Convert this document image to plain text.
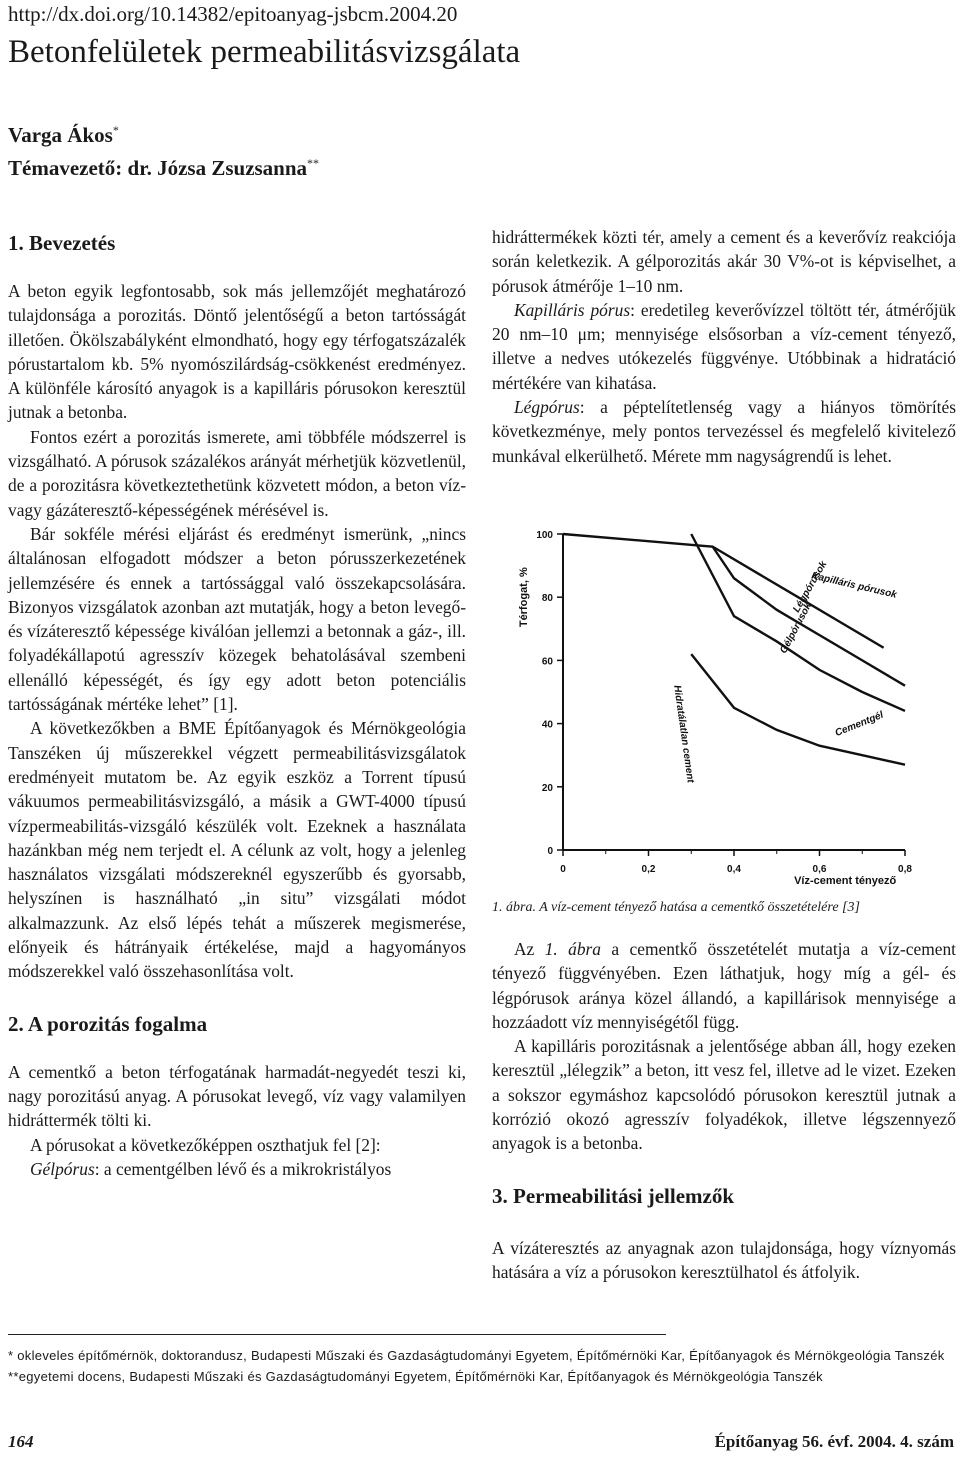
http://dx.doi.org/10.14382/epitoanyag-jsbcm.2004.20
Betonfelületek permeabilitásvizsgálata
Varga Ákos*
Témavezető: dr. Józsa Zsuzsanna**
1. Bevezetés

A beton egyik legfontosabb, sok más jellemzőjét meghatározó tulajdonsága a porozitás. Döntő jelentőségű a beton tartósságát illetően. Ökölszabályként elmondható, hogy egy térfogatszázalék pórustartalom kb. 5% nyomószilárdság-csökkenést eredményez. A különféle károsító anyagok is a kapilláris pórusokon keresztül jutnak a betonba.

Fontos ezért a porozitás ismerete, ami többféle módszerrel is vizsgálható. A pórusok százalékos arányát mérhetjük közvetlenül, de a porozitásra következtethetünk közvetett módon, a beton víz- vagy gázáteresztő-képességének mérésével is.

Bár sokféle mérési eljárást és eredményt ismerünk, „nincs általánosan elfogadott módszer a beton pórusszerkezetének jellemzésére és ennek a tartóssággal való összekapcsolására. Bizonyos vizsgálatok azonban azt mutatják, hogy a beton levegő- és vízáteresztő képessége kiválóan jellemzi a betonnak a gáz-, ill. folyadékállapotú agresszív közegek behatolásával szembeni ellenálló képességét, és így egy adott beton potenciális tartósságának mértéke lehet” [1].

A következőkben a BME Építőanyagok és Mérnökgeológia Tanszéken új műszerekkel végzett permeabilitásvizsgálatok eredményeit mutatom be. Az egyik eszköz a Torrent típusú vákuumos permeabilitásvizsgáló, a másik a GWT-4000 típusú vízpermeabilitás-vizsgáló készülék volt. Ezeknek a használata hazánkban még nem terjedt el. A célunk az volt, hogy a jelenleg használatos vizsgálati módszereknél egyszerűbb és gyorsabb, helyszínen is használható „in situ” vizsgálati módot alkalmazzunk. Az első lépés tehát a műszerek megismerése, előnyeik és hátrányaik értékelése, majd a hagyományos módszerekkel való összehasonlítása volt.

2. A porozitás fogalma

A cementkő a beton térfogatának harmadát-negyedét teszi ki, nagy porozitású anyag. A pórusokat levegő, víz vagy valamilyen hidráttermék tölti ki.

A pórusokat a következőképpen oszthatjuk fel [2]:

Gélpórus: a cementgélben lévő és a mikrokristályos

hidráttermékek közti tér, amely a cement és a keverővíz reakciója során keletkezik. A gélporozitás akár 30 V%-ot is képviselhet, a pórusok átmérője 1–10 nm.

Kapilláris pórus: eredetileg keverővízzel töltött tér, átmérőjük 20 nm–10 μm; mennyisége elsősorban a víz-cement tényező, illetve a nedves utókezelés függvénye. Utóbbinak a hidratáció mértékére van kihatása.

Légpórus: a péptelítetlenség vagy a hiányos tömörítés következménye, mely pontos tervezéssel és megfelelő kivitelező munkával elkerülhető. Mérete mm nagyságrendű is lehet.

0
20
40
60
80
100
0	0,2	0,4	0,6	0,8
Térfogat, %
Víz-cement tényező
Kapilláris pórusok
Légpórusok
Gélpórusok
Cementgél
Hidratálatlan cement
1. ábra. A víz-cement tényező hatása a cementkő összetételére [3]

Az 1. ábra a cementkő összetételét mutatja a víz-cement tényező függvényében. Ezen láthatjuk, hogy míg a gél- és légpórusok aránya közel állandó, a kapillárisok mennyisége a hozzáadott víz mennyiségétől függ.

A kapilláris porozitásnak a jelentősége abban áll, hogy ezeken keresztül „lélegzik” a beton, itt vesz fel, illetve ad le vizet. Ezeken a sokszor egymáshoz kapcsolódó pórusokon keresztül jutnak a korrózió okozó agresszív folyadékok, illetve légszennyező anyagok is a betonba.

3. Permeabilitási jellemzők

A vízáteresztés az anyagnak azon tulajdonsága, hogy víznyomás hatására a víz a pórusokon keresztülhatol és átfolyik.

* okleveles építőmérnök, doktorandusz, Budapesti Műszaki és Gazdaságtudományi Egyetem, Építőmérnöki Kar, Építőanyagok és Mérnökgeológia Tanszék
**egyetemi docens, Budapesti Műszaki és Gazdaságtudományi Egyetem, Építőmérnöki Kar, Építőanyagok és Mérnökgeológia Tanszék
164	Építőanyag 56. évf. 2004. 4. szám
